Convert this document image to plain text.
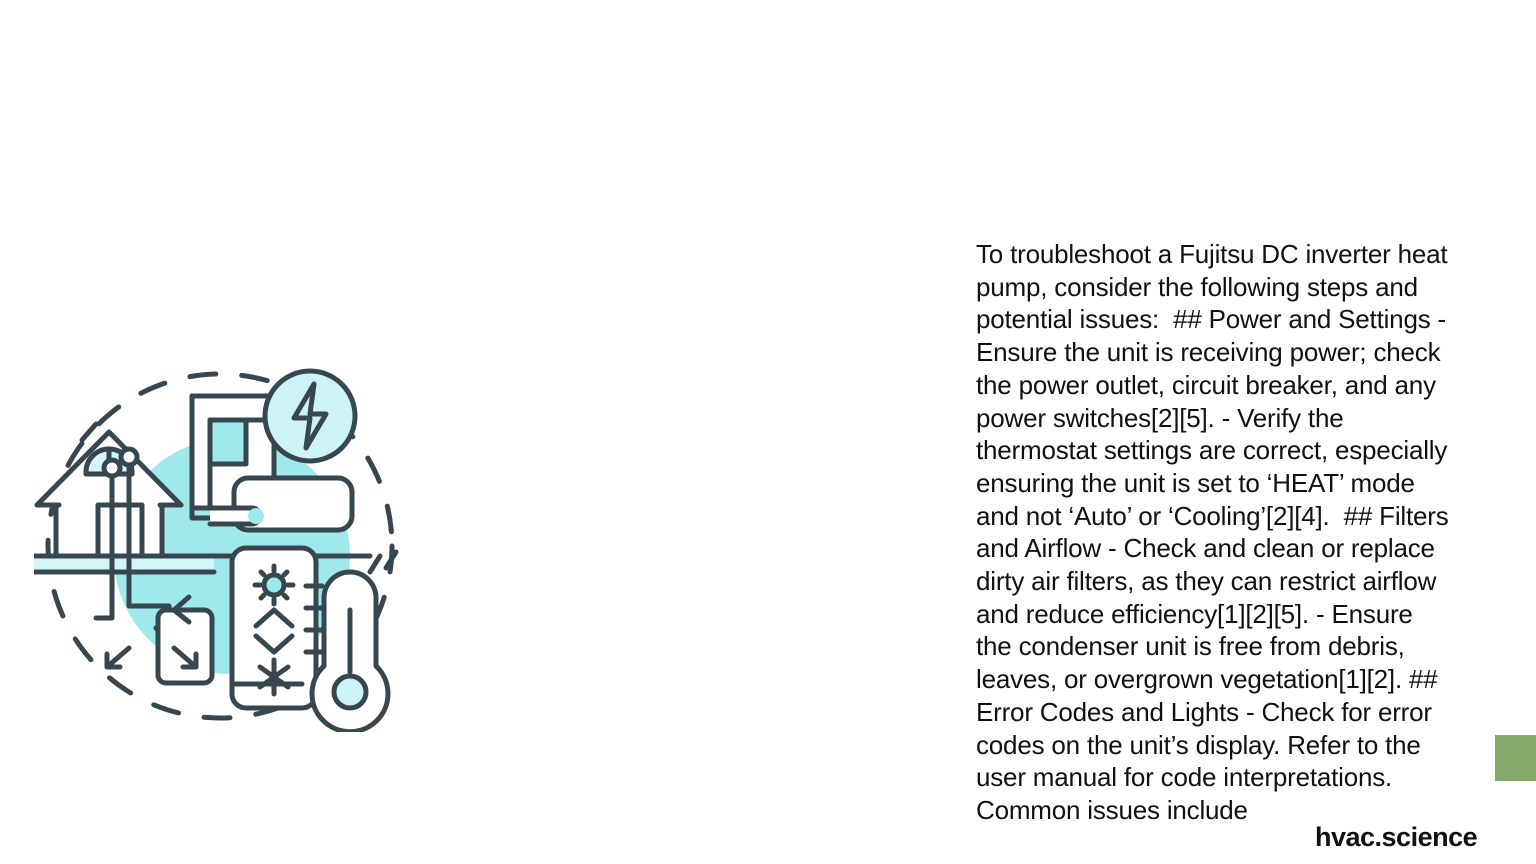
To troubleshoot a Fujitsu DC inverter heat pump, consider the following steps and potential issues:  ## Power and Settings - Ensure the unit is receiving power; check the power outlet, circuit breaker, and any power switches[2][5]. - Verify the thermostat settings are correct, especially ensuring the unit is set to ‘HEAT’ mode and not ‘Auto’ or ‘Cooling’[2][4].  ## Filters and Airflow - Check and clean or replace dirty air filters, as they can restrict airflow and reduce efficiency[1][2][5]. - Ensure the condenser unit is free from debris, leaves, or overgrown vegetation[1][2]. ## Error Codes and Lights - Check for error codes on the unit’s display. Refer to the user manual for code interpretations. Common issues include
hvac.science
